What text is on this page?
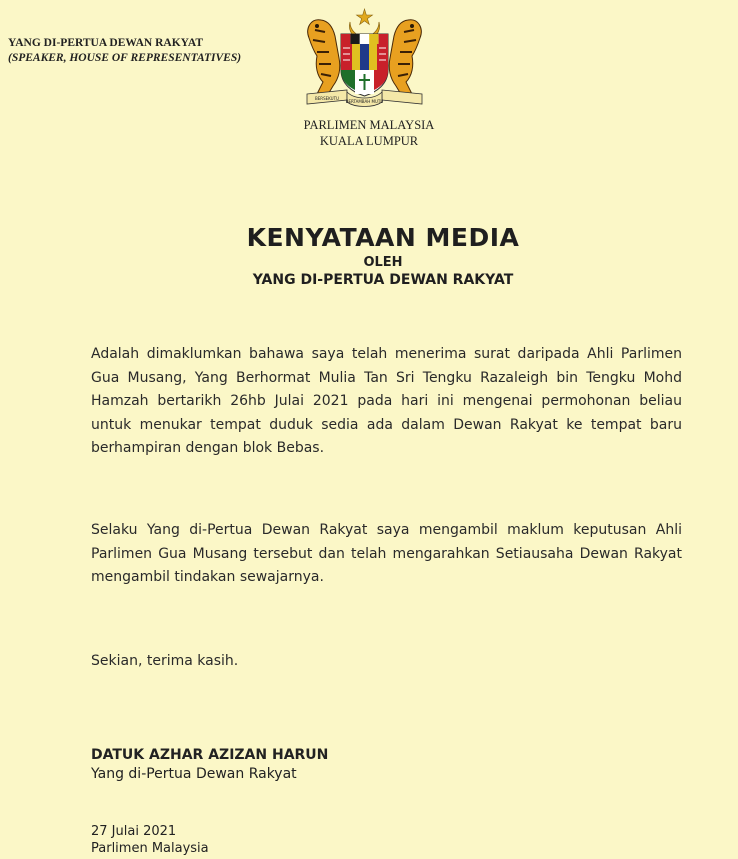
YANG DI-PERTUA DEWAN RAKYAT
(SPEAKER, HOUSE OF REPRESENTATIVES)
BERSEKUTU
BERTAMBAH MUTU
PARLIMEN MALAYSIA
KUALA LUMPUR
KENYATAAN MEDIA
OLEH
YANG DI-PERTUA DEWAN RAKYAT
Adalah dimaklumkan bahawa saya telah menerima surat daripada Ahli Parlimen Gua Musang, Yang Berhormat Mulia Tan Sri Tengku Razaleigh bin Tengku Mohd Hamzah bertarikh 26hb Julai 2021 pada hari ini mengenai permohonan beliau untuk menukar tempat duduk sedia ada dalam Dewan Rakyat ke tempat baru berhampiran dengan blok Bebas.
Selaku Yang di-Pertua Dewan Rakyat saya mengambil maklum keputusan Ahli Parlimen Gua Musang tersebut dan telah mengarahkan Setiausaha Dewan Rakyat mengambil tindakan sewajarnya.
Sekian, terima kasih.
DATUK AZHAR AZIZAN HARUN
Yang di-Pertua Dewan Rakyat
27 Julai 2021
Parlimen Malaysia
